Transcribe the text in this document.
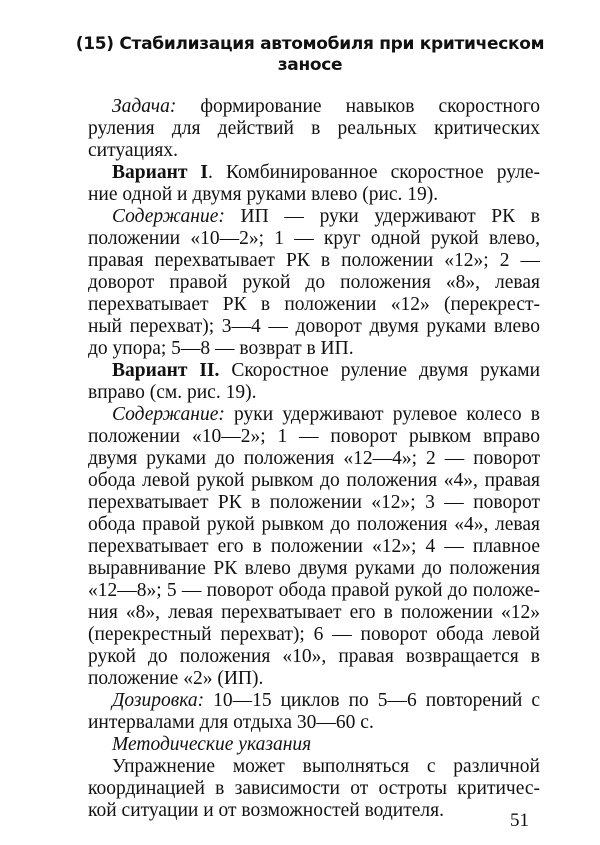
(15) Стабилизация автомобиля при критическом
заносе
Задача: формирование навыков скоростного
руления для действий в реальных критических
ситуациях.
Вариант I. Комбинированное скоростное руле-
ние одной и двумя руками влево (рис. 19).
Содержание: ИП — руки удерживают РК в
положении «10—2»; 1 — круг одной рукой влево,
правая перехватывает РК в положении «12»; 2 —
доворот правой рукой до положения «8», левая
перехватывает РК в положении «12» (перекрест-
ный перехват); 3—4 — доворот двумя руками влево
до упора; 5—8 — возврат в ИП.
Вариант II. Скоростное руление двумя руками
вправо (см. рис. 19).
Содержание: руки удерживают рулевое колесо в
положении «10—2»; 1 — поворот рывком вправо
двумя руками до положения «12—4»; 2 — поворот
обода левой рукой рывком до положения «4», правая
перехватывает РК в положении «12»; 3 — поворот
обода правой рукой рывком до положения «4», левая
перехватывает его в положении «12»; 4 — плавное
выравнивание РК влево двумя руками до положения
«12—8»; 5 — поворот обода правой рукой до положе-
ния «8», левая перехватывает его в положении «12»
(перекрестный перехват); 6 — поворот обода левой
рукой до положения «10», правая возвращается в
положение «2» (ИП).
Дозировка: 10—15 циклов по 5—6 повторений с
интервалами для отдыха 30—60 с.
Методические указания
Упражнение может выполняться с различной
координацией в зависимости от остроты критичес-
кой ситуации и от возможностей водителя.	51
